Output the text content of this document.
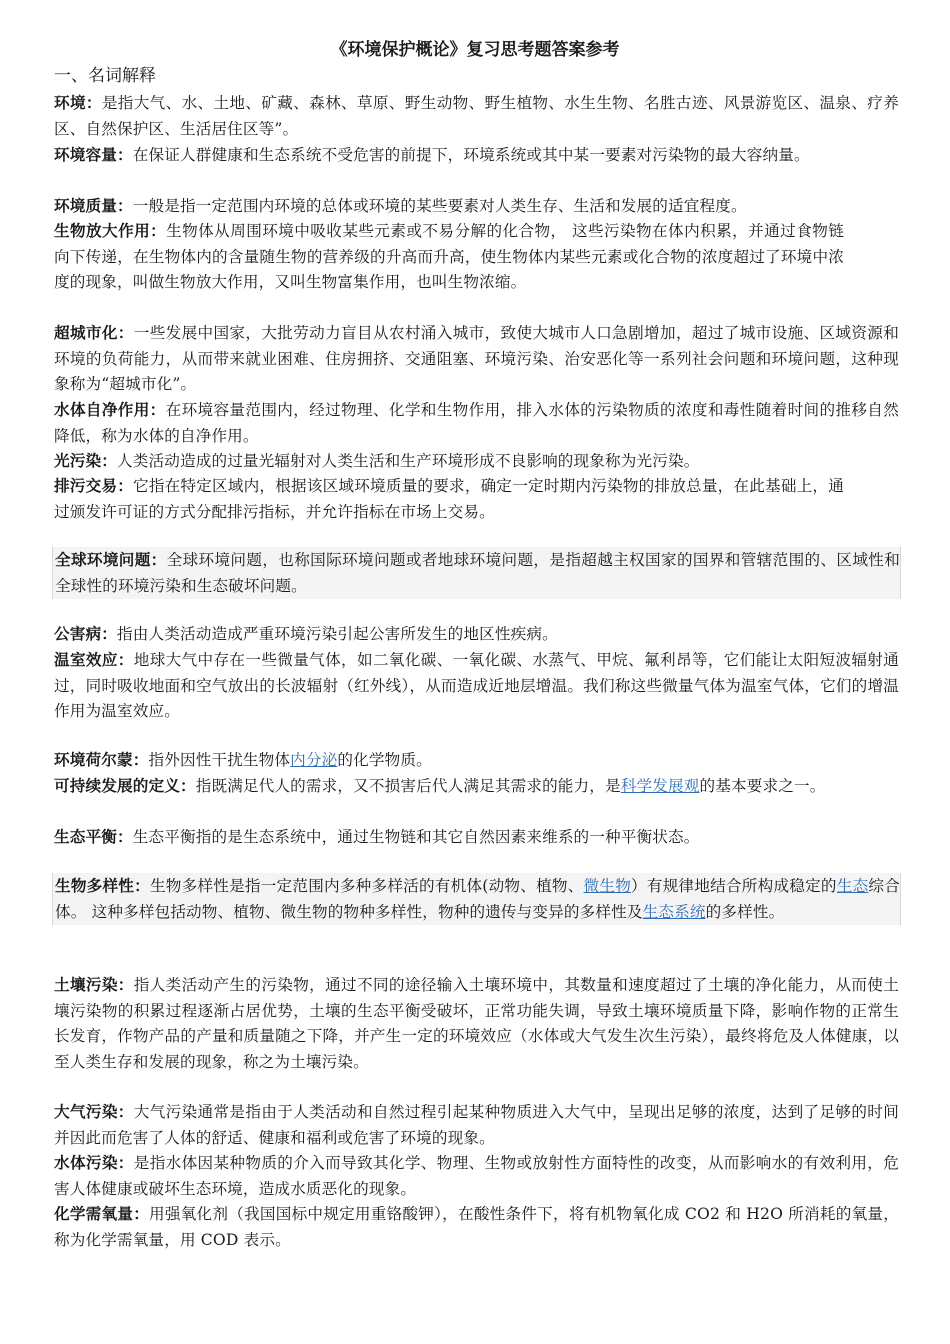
《环境保护概论》复习思考题答案参考
一、名词解释

环境：是指大气、水、土地、矿藏、森林、草原、野生动物、野生植物、水生生物、名胜古迹、风景游览区、温泉、疗养区、自然保护区、生活居住区等”。

环境容量：在保证人群健康和生态系统不受危害的前提下，环境系统或其中某一要素对污染物的最大容纳量。

环境质量：一般是指一定范围内环境的总体或环境的某些要素对人类生存、生活和发展的适宜程度。

生物放大作用：生物体从周围环境中吸收某些元素或不易分解的化合物， 这些污染物在体内积累，并通过食物链向下传递，在生物体内的含量随生物的营养级的升高而升高，使生物体内某些元素或化合物的浓度超过了环境中浓度的现象，叫做生物放大作用，又叫生物富集作用，也叫生物浓缩。

超城市化：一些发展中国家，大批劳动力盲目从农村涌入城市，致使大城市人口急剧增加，超过了城市设施、区域资源和环境的负荷能力，从而带来就业困难、住房拥挤、交通阻塞、环境污染、治安恶化等一系列社会问题和环境问题，这种现象称为“超城市化”。

水体自净作用：在环境容量范围内，经过物理、化学和生物作用，排入水体的污染物质的浓度和毒性随着时间的推移自然降低，称为水体的自净作用。

光污染：人类活动造成的过量光辐射对人类生活和生产环境形成不良影响的现象称为光污染。

排污交易：它指在特定区域内，根据该区域环境质量的要求，确定一定时期内污染物的排放总量，在此基础上，通过颁发许可证的方式分配排污指标，并允许指标在市场上交易。

全球环境问题：全球环境问题，也称国际环境问题或者地球环境问题，是指超越主权国家的国界和管辖范围的、区域性和全球性的环境污染和生态破坏问题。

公害病：指由人类活动造成严重环境污染引起公害所发生的地区性疾病。

温室效应：地球大气中存在一些微量气体，如二氧化碳、一氧化碳、水蒸气、甲烷、氟利昂等，它们能让太阳短波辐射通过，同时吸收地面和空气放出的长波辐射（红外线），从而造成近地层增温。我们称这些微量气体为温室气体，它们的增温作用为温室效应。

环境荷尔蒙：指外因性干扰生物体内分泌的化学物质。

可持续发展的定义：指既满足代人的需求，又不损害后代人满足其需求的能力，是科学发展观的基本要求之一。

生态平衡：生态平衡指的是生态系统中，通过生物链和其它自然因素来维系的一种平衡状态。

生物多样性：生物多样性是指一定范围内多种多样活的有机体(动物、植物、微生物）有规律地结合所构成稳定的生态综合体。 这种多样包括动物、植物、微生物的物种多样性，物种的遗传与变异的多样性及生态系统的多样性。

土壤污染：指人类活动产生的污染物，通过不同的途径输入土壤环境中，其数量和速度超过了土壤的净化能力，从而使土壤污染物的积累过程逐渐占居优势，土壤的生态平衡受破坏，正常功能失调，导致土壤环境质量下降，影响作物的正常生长发育，作物产品的产量和质量随之下降，并产生一定的环境效应（水体或大气发生次生污染），最终将危及人体健康，以至人类生存和发展的现象，称之为土壤污染。

大气污染：大气污染通常是指由于人类活动和自然过程引起某种物质进入大气中，呈现出足够的浓度，达到了足够的时间并因此而危害了人体的舒适、健康和福利或危害了环境的现象。

水体污染：是指水体因某种物质的介入而导致其化学、物理、生物或放射性方面特性的改变，从而影响水的有效利用，危害人体健康或破坏生态环境，造成水质恶化的现象。

化学需氧量：用强氧化剂（我国国标中规定用重铬酸钾），在酸性条件下，将有机物氧化成 CO2 和 H2O 所消耗的氧量，称为化学需氧量，用 COD 表示。
